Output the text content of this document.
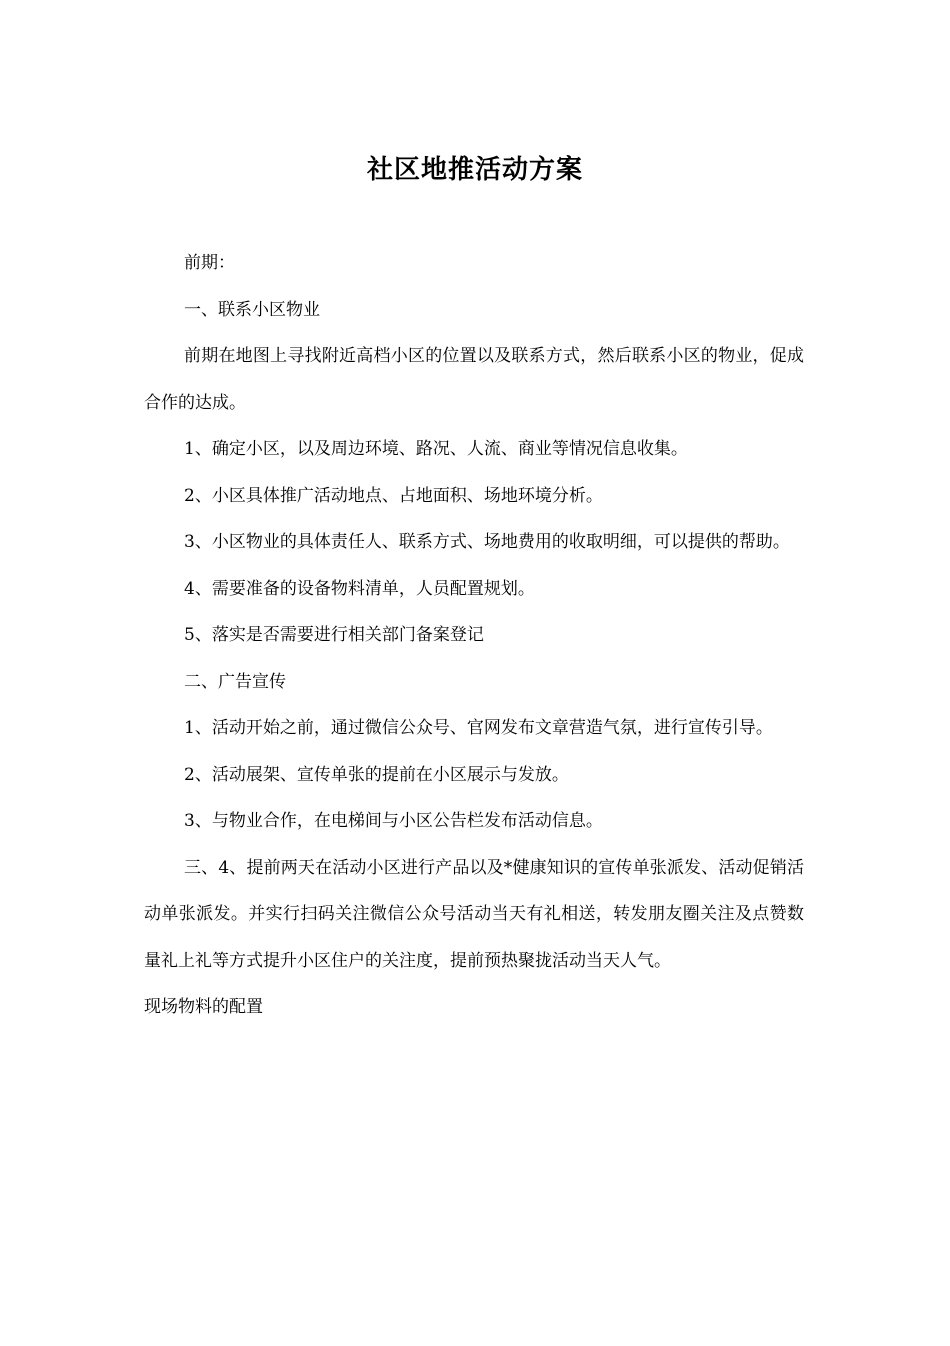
社区地推活动方案

前期：

一、联系小区物业

前期在地图上寻找附近高档小区的位置以及联系方式，然后联系小区的物业，促成合作的达成。

1、确定小区，以及周边环境、路况、人流、商业等情况信息收集。

2、小区具体推广活动地点、占地面积、场地环境分析。

3、小区物业的具体责任人、联系方式、场地费用的收取明细，可以提供的帮助。

4、需要准备的设备物料清单，人员配置规划。

5、落实是否需要进行相关部门备案登记

二、广告宣传

1、活动开始之前，通过微信公众号、官网发布文章营造气氛，进行宣传引导。

2、活动展架、宣传单张的提前在小区展示与发放。

3、与物业合作，在电梯间与小区公告栏发布活动信息。

三、4、提前两天在活动小区进行产品以及*健康知识的宣传单张派发、活动促销活动单张派发。并实行扫码关注微信公众号活动当天有礼相送，转发朋友圈关注及点赞数量礼上礼等方式提升小区住户的关注度，提前预热聚拢活动当天人气。

现场物料的配置
